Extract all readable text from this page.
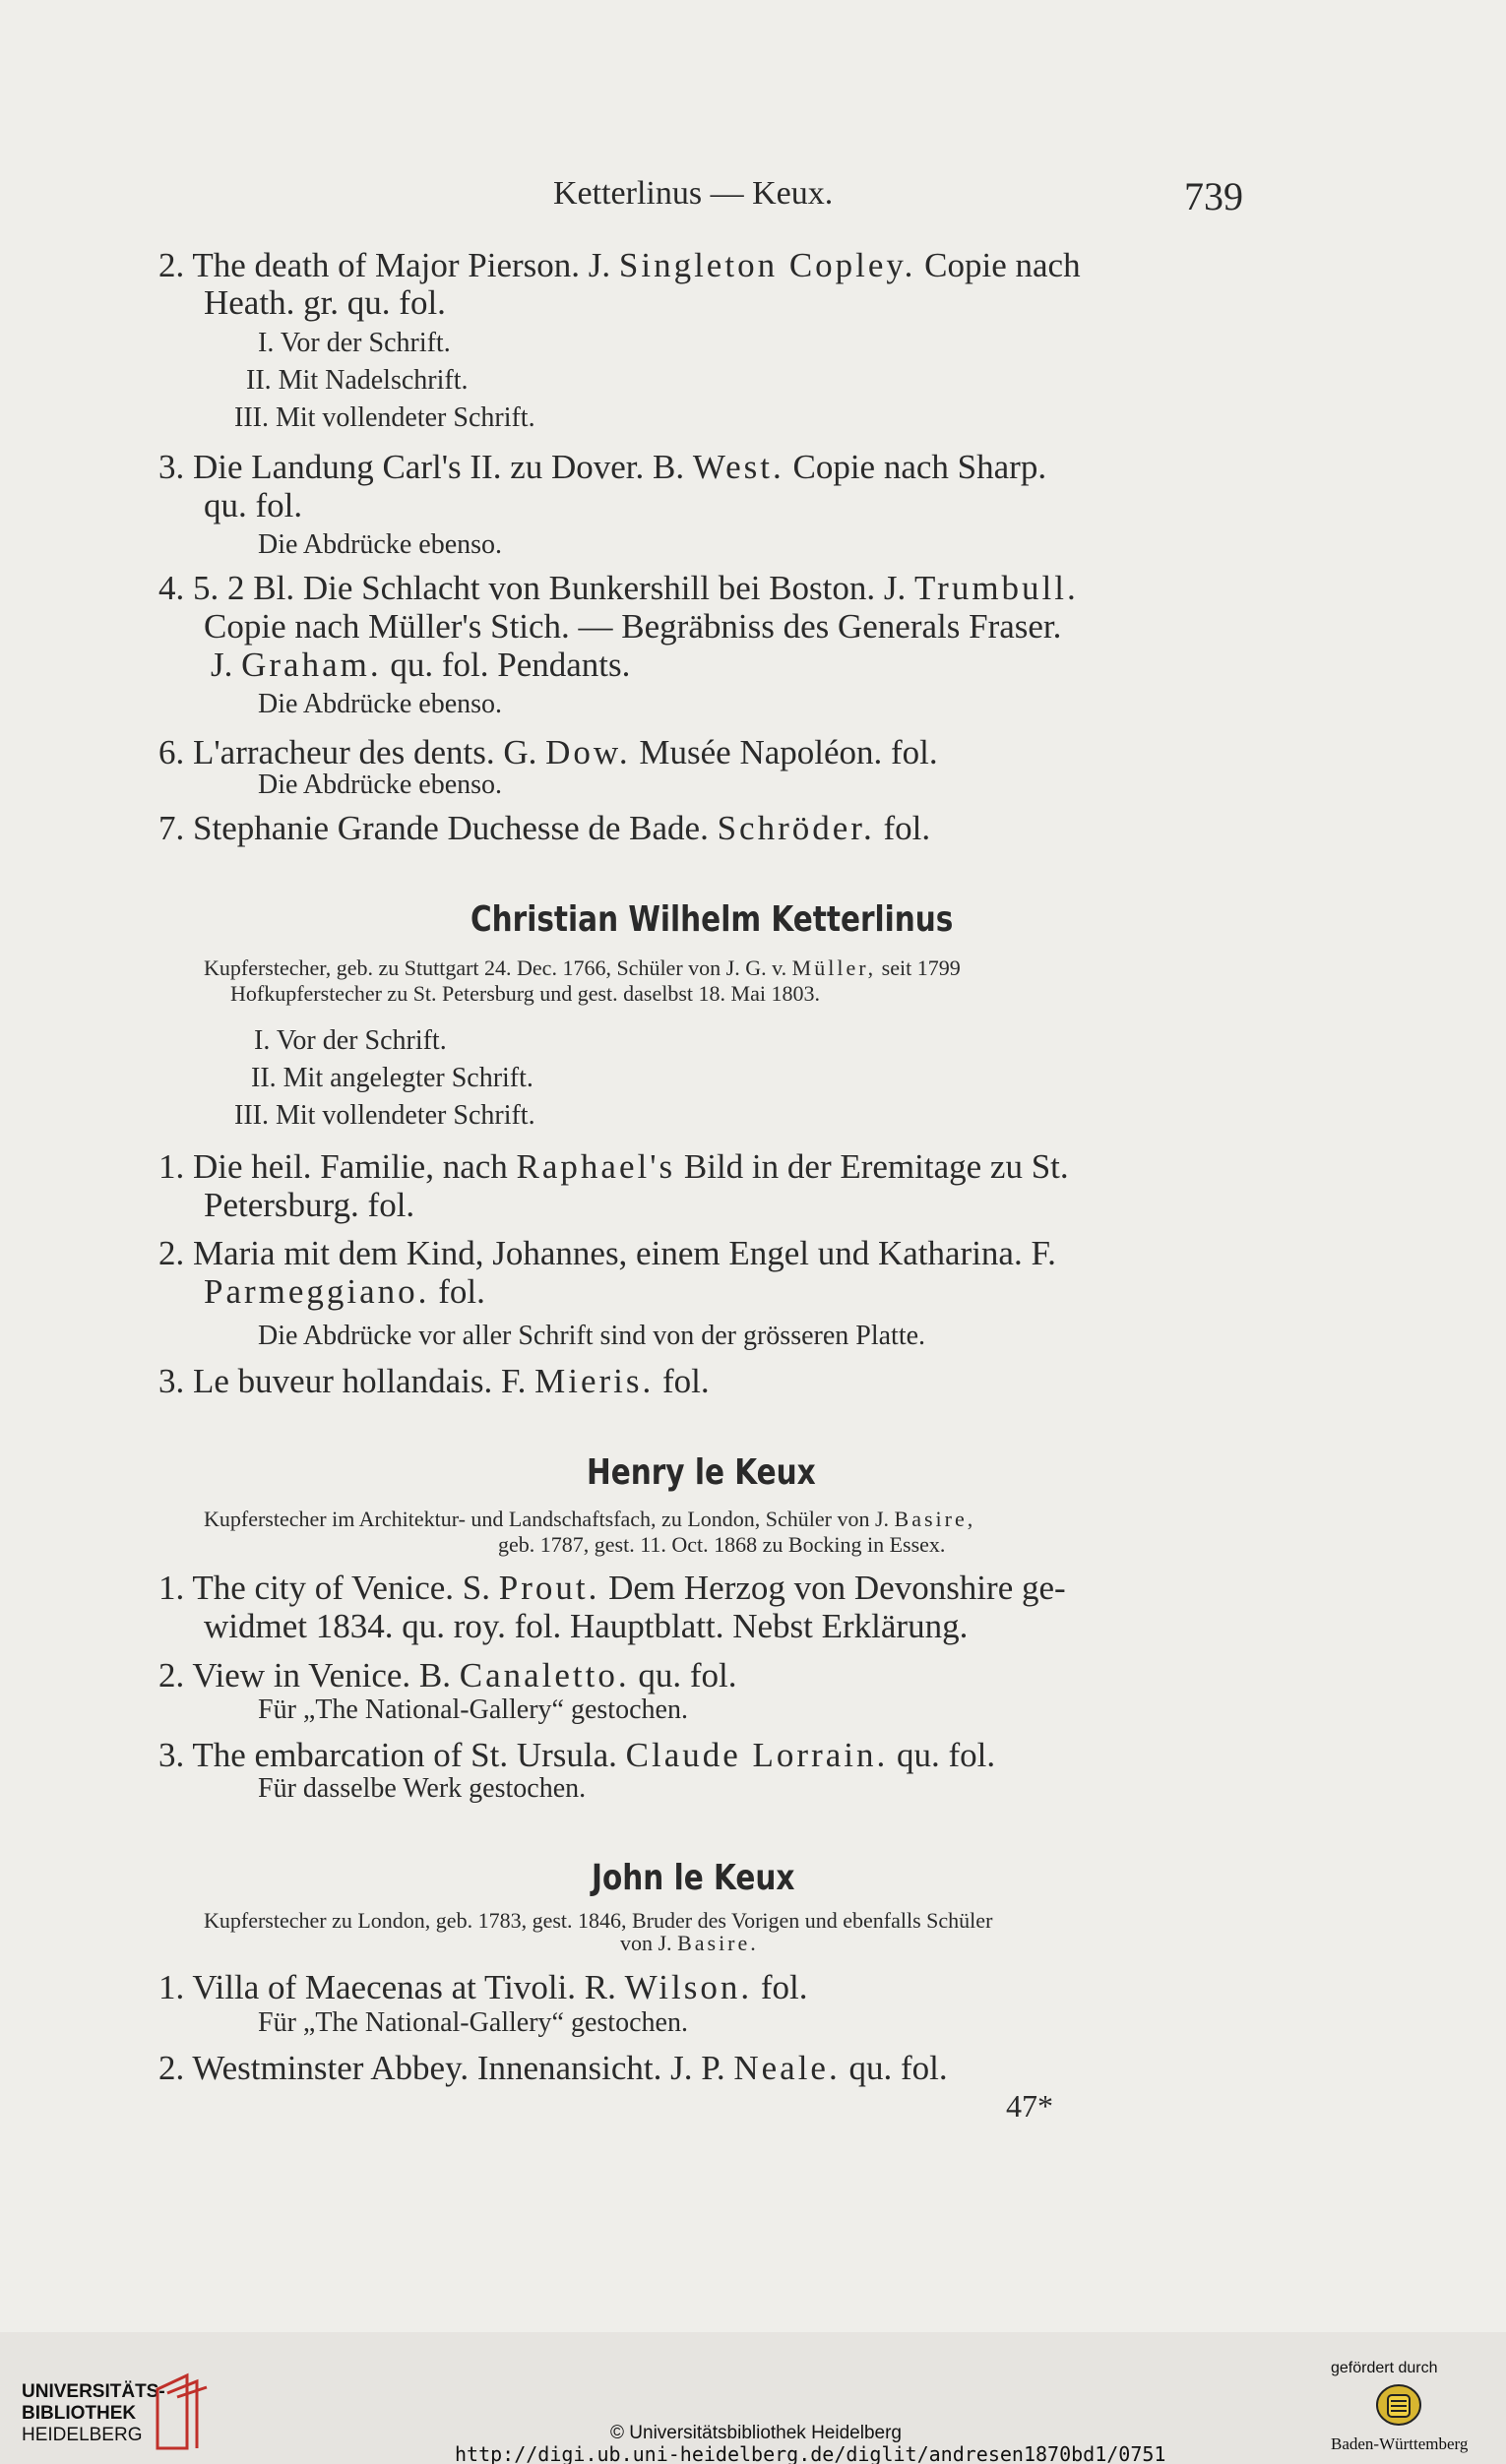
Ketterlinus — Keux.	739
2. The death of Major Pierson. J. Singleton Copley. Copie nach
Heath. gr. qu. fol.
I. Vor der Schrift.
II. Mit Nadelschrift.
III. Mit vollendeter Schrift.
3. Die Landung Carl's II. zu Dover. B. West. Copie nach Sharp.
qu. fol.
Die Abdrücke ebenso.
4. 5. 2 Bl. Die Schlacht von Bunkershill bei Boston. J. Trumbull.
Copie nach Müller's Stich. — Begräbniss des Generals Fraser.
J. Graham. qu. fol. Pendants.
Die Abdrücke ebenso.
6. L'arracheur des dents. G. Dow. Musée Napoléon. fol.
Die Abdrücke ebenso.
7. Stephanie Grande Duchesse de Bade. Schröder. fol.
Christian Wilhelm Ketterlinus
Kupferstecher, geb. zu Stuttgart 24. Dec. 1766, Schüler von J. G. v. Müller, seit 1799
Hofkupferstecher zu St. Petersburg und gest. daselbst 18. Mai 1803.
I. Vor der Schrift.
II. Mit angelegter Schrift.
III. Mit vollendeter Schrift.
1. Die heil. Familie, nach Raphael's Bild in der Eremitage zu St.
Petersburg. fol.
2. Maria mit dem Kind, Johannes, einem Engel und Katharina. F.
Parmeggiano. fol.
Die Abdrücke vor aller Schrift sind von der grösseren Platte.
3. Le buveur hollandais. F. Mieris. fol.
Henry le Keux
Kupferstecher im Architektur- und Landschaftsfach, zu London, Schüler von J. Basire,
geb. 1787, gest. 11. Oct. 1868 zu Bocking in Essex.
1. The city of Venice. S. Prout. Dem Herzog von Devonshire ge-
widmet 1834. qu. roy. fol. Hauptblatt. Nebst Erklärung.
2. View in Venice. B. Canaletto. qu. fol.
Für „The National-Gallery“ gestochen.
3. The embarcation of St. Ursula. Claude Lorrain. qu. fol.
Für dasselbe Werk gestochen.
John le Keux
Kupferstecher zu London, geb. 1783, gest. 1846, Bruder des Vorigen und ebenfalls Schüler
von J. Basire.
1. Villa of Maecenas at Tivoli. R. Wilson. fol.
Für „The National-Gallery“ gestochen.
2. Westminster Abbey. Innenansicht. J. P. Neale. qu. fol.
47*
UNIVERSITÄTS-
BIBLIOTHEK
HEIDELBERG	© Universitätsbibliothek Heidelberg
http://digi.ub.uni-heidelberg.de/diglit/andresen1870bd1/0751
gefördert durch
Baden-Württemberg
